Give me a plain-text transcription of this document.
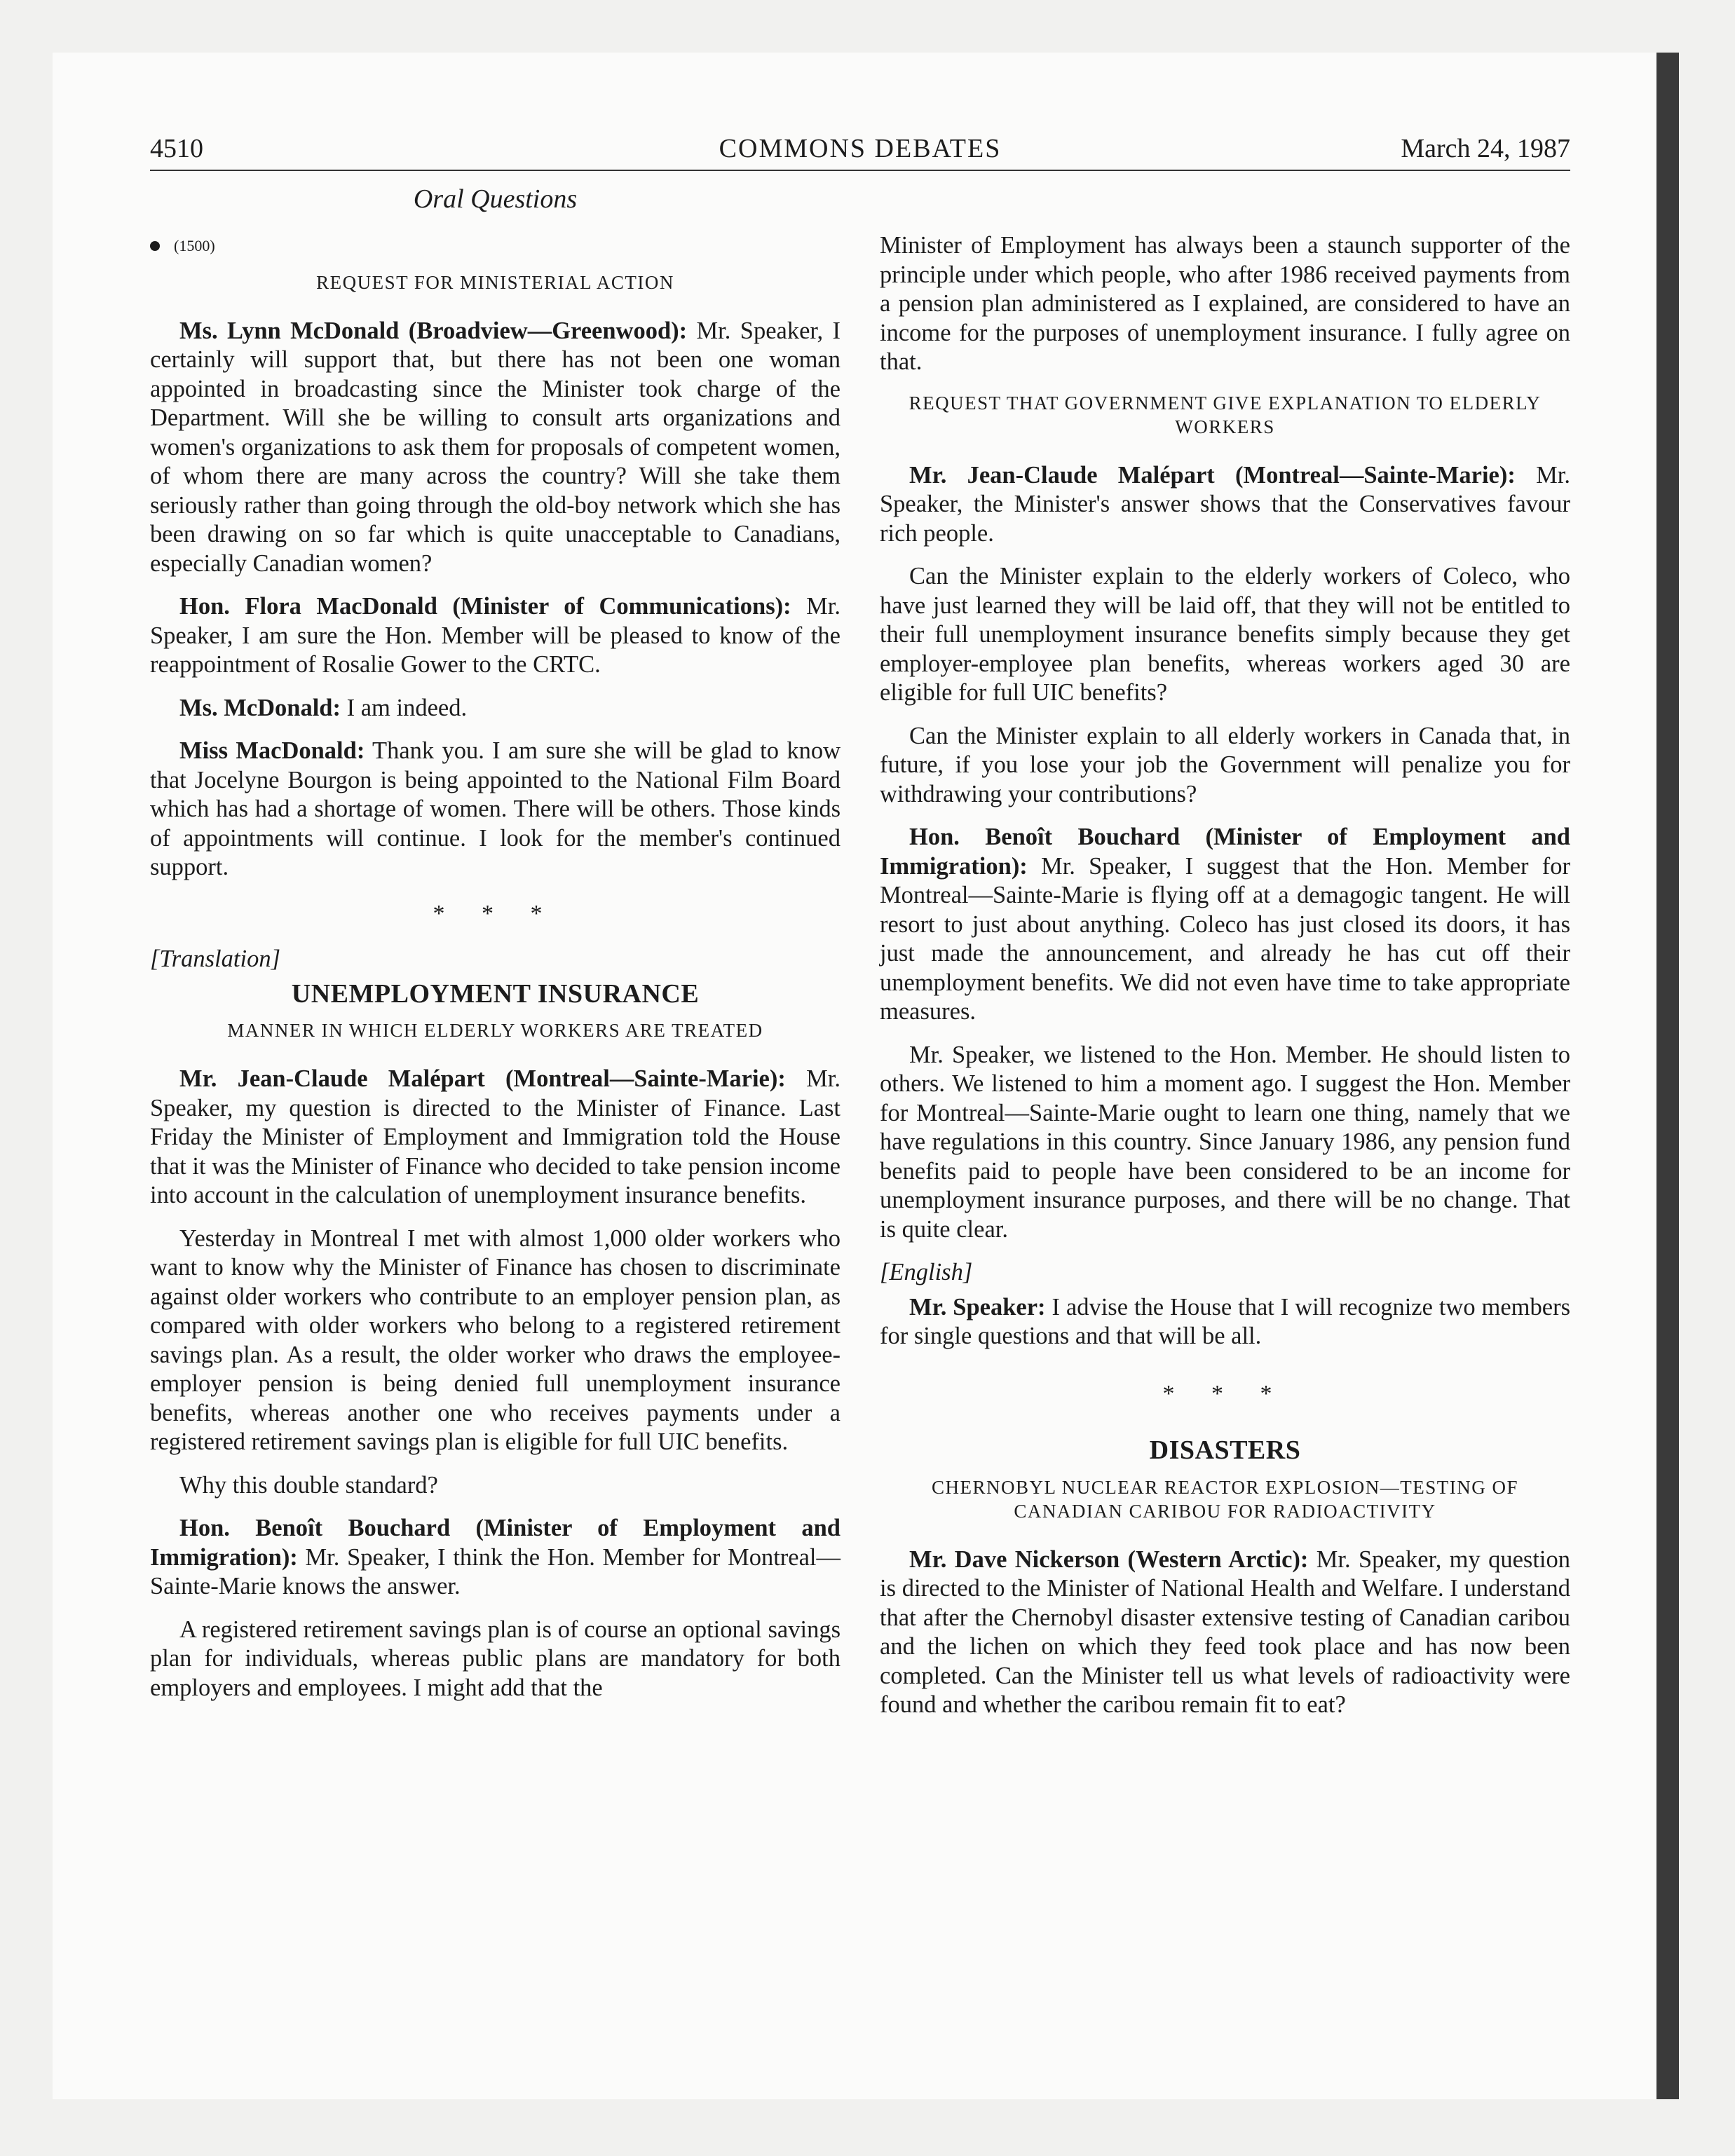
4510	COMMONS DEBATES	March 24, 1987
Oral Questions
(1500)
REQUEST FOR MINISTERIAL ACTION

Ms. Lynn McDonald (Broadview—Greenwood): Mr. Speaker, I certainly will support that, but there has not been one woman appointed in broadcasting since the Minister took charge of the Department. Will she be willing to consult arts organizations and women's organizations to ask them for proposals of competent women, of whom there are many across the country? Will she take them seriously rather than going through the old-boy network which she has been drawing on so far which is quite unacceptable to Canadians, especially Canadian women?

Hon. Flora MacDonald (Minister of Communications): Mr. Speaker, I am sure the Hon. Member will be pleased to know of the reappointment of Rosalie Gower to the CRTC.

Ms. McDonald: I am indeed.

Miss MacDonald: Thank you. I am sure she will be glad to know that Jocelyne Bourgon is being appointed to the National Film Board which has had a shortage of women. There will be others. Those kinds of appointments will continue. I look for the member's continued support.

* * *
[Translation]
UNEMPLOYMENT INSURANCE
MANNER IN WHICH ELDERLY WORKERS ARE TREATED

Mr. Jean-Claude Malépart (Montreal—Sainte-Marie): Mr. Speaker, my question is directed to the Minister of Finance. Last Friday the Minister of Employment and Immigration told the House that it was the Minister of Finance who decided to take pension income into account in the calculation of unemployment insurance benefits.

Yesterday in Montreal I met with almost 1,000 older workers who want to know why the Minister of Finance has chosen to discriminate against older workers who contribute to an employer pension plan, as compared with older workers who belong to a registered retirement savings plan. As a result, the older worker who draws the employee-employer pension is being denied full unemployment insurance benefits, whereas another one who receives payments under a registered retirement savings plan is eligible for full UIC benefits.

Why this double standard?

Hon. Benoît Bouchard (Minister of Employment and Immigration): Mr. Speaker, I think the Hon. Member for Montreal—Sainte-Marie knows the answer.

A registered retirement savings plan is of course an optional savings plan for individuals, whereas public plans are mandatory for both employers and employees. I might add that the

Minister of Employment has always been a staunch supporter of the principle under which people, who after 1986 received payments from a pension plan administered as I explained, are considered to have an income for the purposes of unemployment insurance. I fully agree on that.

REQUEST THAT GOVERNMENT GIVE EXPLANATION TO ELDERLY WORKERS

Mr. Jean-Claude Malépart (Montreal—Sainte-Marie): Mr. Speaker, the Minister's answer shows that the Conservatives favour rich people.

Can the Minister explain to the elderly workers of Coleco, who have just learned they will be laid off, that they will not be entitled to their full unemployment insurance benefits simply because they get employer-employee plan benefits, whereas workers aged 30 are eligible for full UIC benefits?

Can the Minister explain to all elderly workers in Canada that, in future, if you lose your job the Government will penalize you for withdrawing your contributions?

Hon. Benoît Bouchard (Minister of Employment and Immigration): Mr. Speaker, I suggest that the Hon. Member for Montreal—Sainte-Marie is flying off at a demagogic tangent. He will resort to just about anything. Coleco has just closed its doors, it has just made the announcement, and already he has cut off their unemployment benefits. We did not even have time to take appropriate measures.

Mr. Speaker, we listened to the Hon. Member. He should listen to others. We listened to him a moment ago. I suggest the Hon. Member for Montreal—Sainte-Marie ought to learn one thing, namely that we have regulations in this country. Since January 1986, any pension fund benefits paid to people have been considered to be an income for unemployment insurance purposes, and there will be no change. That is quite clear.

[English]

Mr. Speaker: I advise the House that I will recognize two members for single questions and that will be all.

* * *
DISASTERS
CHERNOBYL NUCLEAR REACTOR EXPLOSION—TESTING OF CANADIAN CARIBOU FOR RADIOACTIVITY

Mr. Dave Nickerson (Western Arctic): Mr. Speaker, my question is directed to the Minister of National Health and Welfare. I understand that after the Chernobyl disaster extensive testing of Canadian caribou and the lichen on which they feed took place and has now been completed. Can the Minister tell us what levels of radioactivity were found and whether the caribou remain fit to eat?
